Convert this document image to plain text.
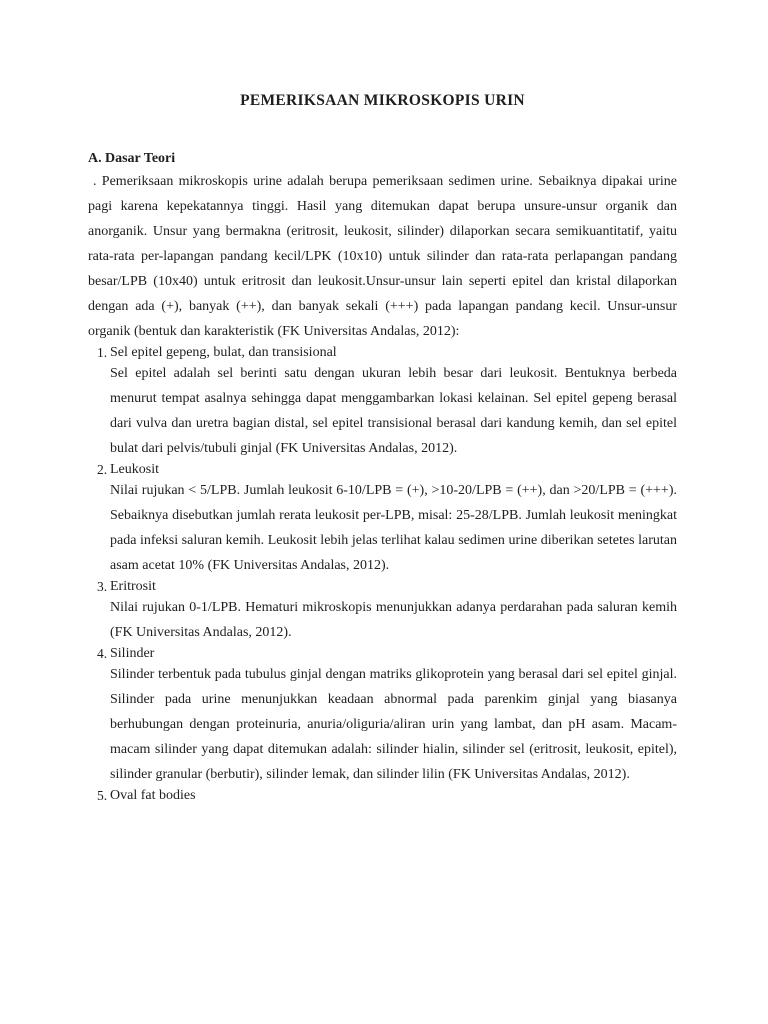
PEMERIKSAAN MIKROSKOPIS URIN
A. Dasar Teori

. Pemeriksaan mikroskopis urine adalah berupa pemeriksaan sedimen urine. Sebaiknya dipakai urine pagi karena kepekatannya tinggi. Hasil yang ditemukan dapat berupa unsure-unsur organik dan anorganik. Unsur yang bermakna (eritrosit, leukosit, silinder) dilaporkan secara semikuantitatif, yaitu rata-rata per-lapangan pandang kecil/LPK (10x10) untuk silinder dan rata-rata perlapangan pandang besar/LPB (10x40) untuk eritrosit dan leukosit.Unsur-unsur lain seperti epitel dan kristal dilaporkan dengan ada (+), banyak (++), dan banyak sekali (+++) pada lapangan pandang kecil. Unsur-unsur organik (bentuk dan karakteristik (FK Universitas Andalas, 2012):

1. Sel epitel gepeng, bulat, dan transisional
Sel epitel adalah sel berinti satu dengan ukuran lebih besar dari leukosit. Bentuknya berbeda menurut tempat asalnya sehingga dapat menggambarkan lokasi kelainan. Sel epitel gepeng berasal dari vulva dan uretra bagian distal, sel epitel transisional berasal dari kandung kemih, dan sel epitel bulat dari pelvis/tubuli ginjal (FK Universitas Andalas, 2012).
2. Leukosit
Nilai rujukan < 5/LPB. Jumlah leukosit 6-10/LPB = (+), >10-20/LPB = (++), dan >20/LPB = (+++). Sebaiknya disebutkan jumlah rerata leukosit per-LPB, misal: 25-28/LPB. Jumlah leukosit meningkat pada infeksi saluran kemih. Leukosit lebih jelas terlihat kalau sedimen urine diberikan setetes larutan asam acetat 10% (FK Universitas Andalas, 2012).
3. Eritrosit
Nilai rujukan 0-1/LPB. Hematuri mikroskopis menunjukkan adanya perdarahan pada saluran kemih (FK Universitas Andalas, 2012).
4. Silinder
Silinder terbentuk pada tubulus ginjal dengan matriks glikoprotein yang berasal dari sel epitel ginjal. Silinder pada urine menunjukkan keadaan abnormal pada parenkim ginjal yang biasanya berhubungan dengan proteinuria, anuria/oliguria/aliran urin yang lambat, dan pH asam. Macam-macam silinder yang dapat ditemukan adalah: silinder hialin, silinder sel (eritrosit, leukosit, epitel), silinder granular (berbutir), silinder lemak, dan silinder lilin (FK Universitas Andalas, 2012).
5. Oval fat bodies
